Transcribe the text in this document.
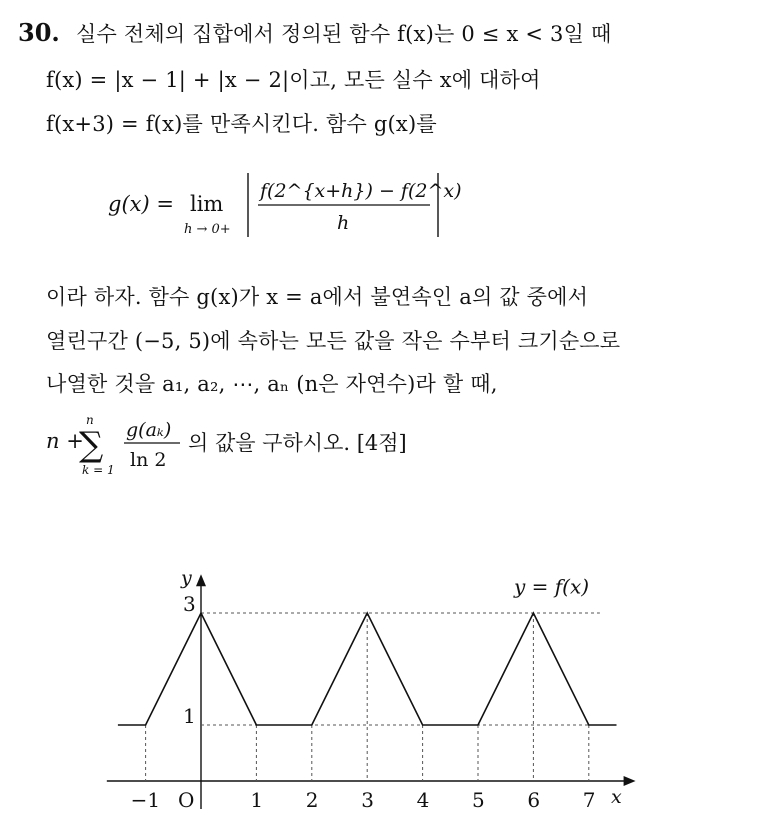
30. 실수 전체의 집합에서 정의된 함수 f(x)는 0 ≤ x < 3일 때
f(x) = |x − 1| + |x − 2|이고, 모든 실수 x에 대하여
f(x+3) = f(x)를 만족시킨다. 함수 g(x)를
g(x) = lim
h → 0+
f(2^{x+h}) − f(2^x)
h
이라 하자. 함수 g(x)가 x = a에서 불연속인 a의 값 중에서
열린구간 (−5, 5)에 속하는 모든 값을 작은 수부터 크기순으로
나열한 것을 a₁, a₂, ⋯, aₙ (n은 자연수)라 할 때,
n +
n
∑
k = 1
g(aₖ)
ln 2
의 값을 구하시오. [4점]
y = f(x)
y
x
O
−1	1 2 3 4 5 6 7
1
3
